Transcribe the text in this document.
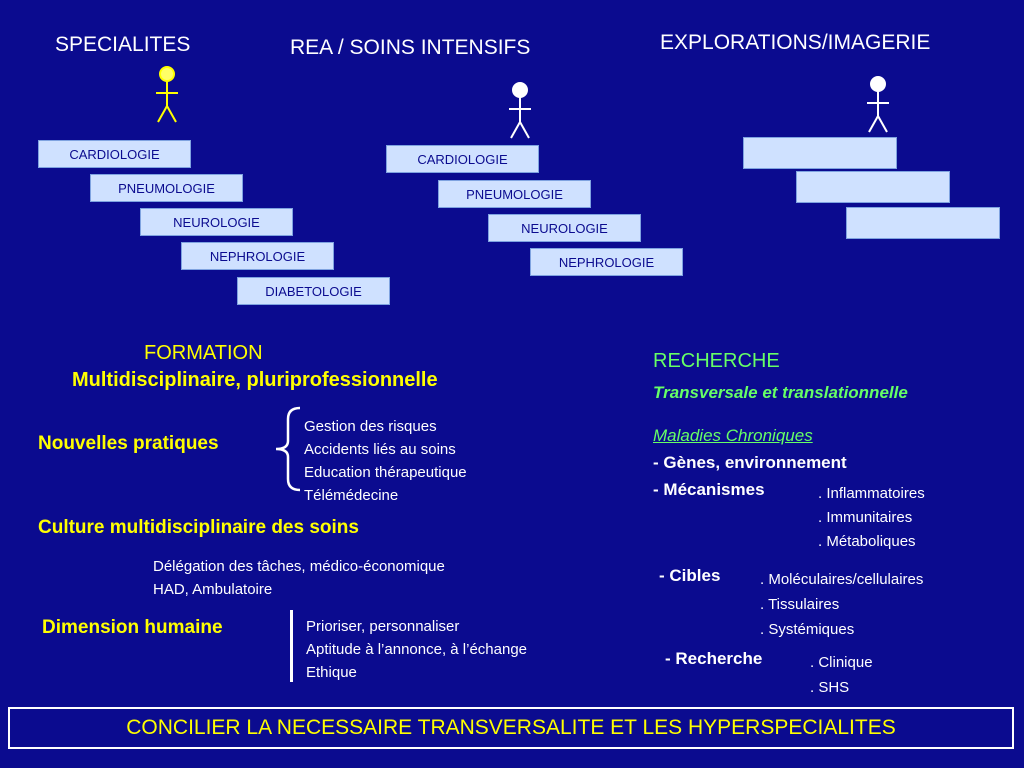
SPECIALITES	REA / SOINS INTENSIFS	EXPLORATIONS/IMAGERIE
CARDIOLOGIE
PNEUMOLOGIE
NEUROLOGIE
NEPHROLOGIE
DIABETOLOGIE
CARDIOLOGIE
PNEUMOLOGIE
NEUROLOGIE
NEPHROLOGIE
FORMATION
Multidisciplinaire, pluriprofessionnelle
Nouvelles pratiques
Gestion des risques
Accidents liés au soins
Education thérapeutique
Télémédecine
Culture multidisciplinaire des soins
Délégation des tâches, médico-économique
HAD, Ambulatoire
Dimension humaine	Prioriser, personnaliser
Aptitude à l’annonce, à l’échange
Ethique
RECHERCHE
Transversale et translationnelle
Maladies Chroniques
- Gènes, environnement
- Mécanismes	. Inflammatoires
. Immunitaires
. Métaboliques
- Cibles	. Moléculaires/cellulaires
. Tissulaires
. Systémiques
- Recherche	. Clinique
. SHS
CONCILIER LA NECESSAIRE TRANSVERSALITE ET LES HYPERSPECIALITES
